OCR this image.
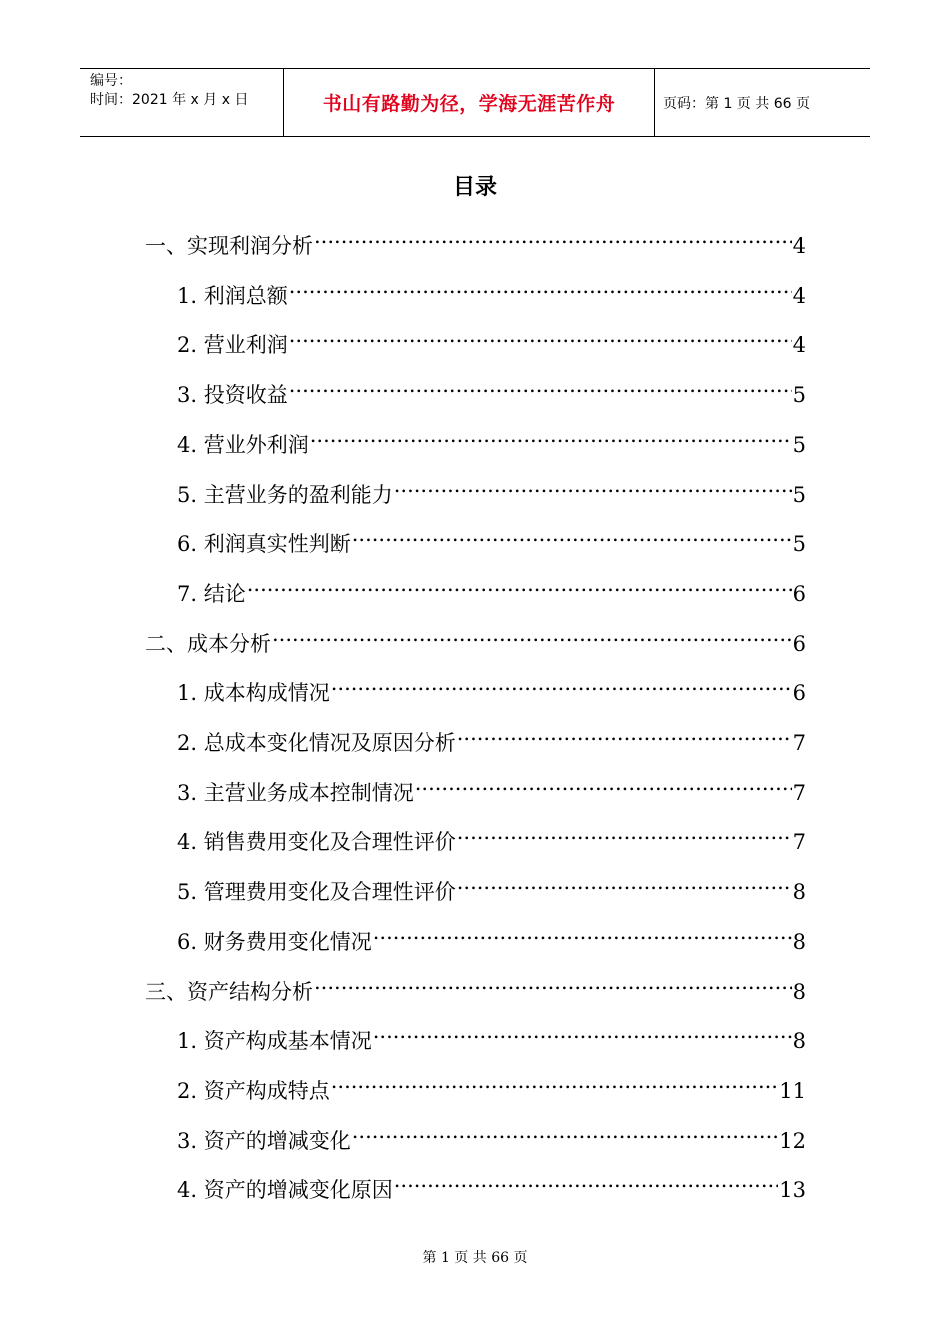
编号：
时间：2021 年 x 月 x 日	书山有路勤为径，学海无涯苦作舟	页码：第 1 页 共 66 页
目录
一、实现利润分析 .....	4
1. 利润总额 .....	4
2. 营业利润 .....	4
3. 投资收益 .....	5
4. 营业外利润 .....	5
5. 主营业务的盈利能力 .....	5
6. 利润真实性判断 .....	5
7. 结论 .....	6
二、成本分析 .....	6
1. 成本构成情况 .....	6
2. 总成本变化情况及原因分析 .....	7
3. 主营业务成本控制情况 .....	7
4. 销售费用变化及合理性评价 .....	7
5. 管理费用变化及合理性评价 .....	8
6. 财务费用变化情况 .....	8
三、资产结构分析 .....	8
1. 资产构成基本情况 .....	8
2. 资产构成特点 .....	11
3. 资产的增减变化 .....	12
4. 资产的增减变化原因 .....	13
第 1 页 共 66 页
